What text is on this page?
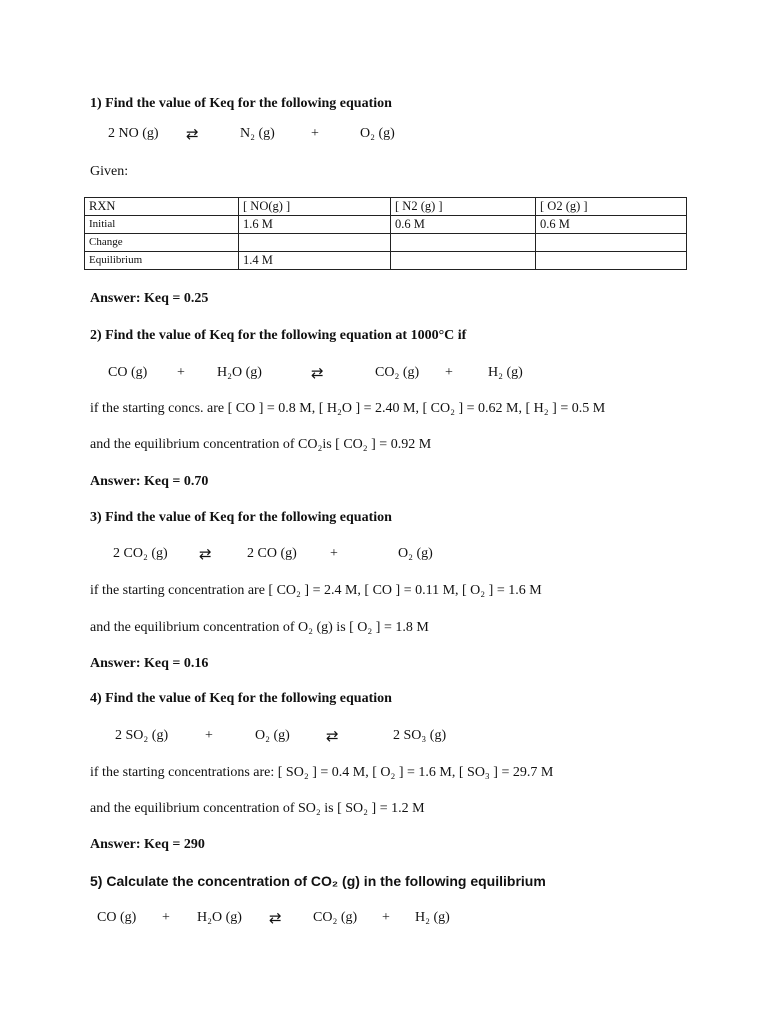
1) Find the value of Keq for the following equation
2 NO (g) ⇄	N₂ (g)	+	O₂ (g)
Given:
RXN	[ NO(g) ]	[ N2 (g) ]	[ O2 (g) ]
Initial	1.6 M	0.6 M	0.6 M
Change			
Equilibrium	1.4 M		
Answer: Keq = 0.25
2) Find the value of Keq for the following equation at 1000°C if
CO (g) + H₂O (g)	⇄	CO₂ (g) +	H₂ (g)
if the starting concs. are [ CO ] = 0.8 M, [ H₂O ] = 2.40 M, [ CO₂ ] = 0.62 M, [ H₂ ] = 0.5 M
and the equilibrium concentration of CO₂is [ CO₂ ] = 0.92 M
Answer: Keq = 0.70
3) Find the value of Keq for the following equation
2 CO₂ (g) ⇄	2 CO (g) +	O₂ (g)
if the starting concentration are [ CO₂ ] = 2.4 M, [ CO ] = 0.11 M, [ O₂ ] = 1.6 M
and the equilibrium concentration of O₂ (g) is [ O₂ ] = 1.8 M
Answer: Keq = 0.16
4) Find the value of Keq for the following equation
2 SO₂ (g)	+	O₂ (g) ⇄	2 SO₃ (g)
if the starting concentrations are: [ SO₂ ] = 0.4 M, [ O₂ ] = 1.6 M, [ SO₃ ] = 29.7 M
and the equilibrium concentration of SO₂ is [ SO₂ ] = 1.2 M
Answer: Keq = 290
5) Calculate the concentration of CO₂ (g) in the following equilibrium
CO (g) + H₂O (g) ⇄ CO₂ (g) + H₂ (g)
